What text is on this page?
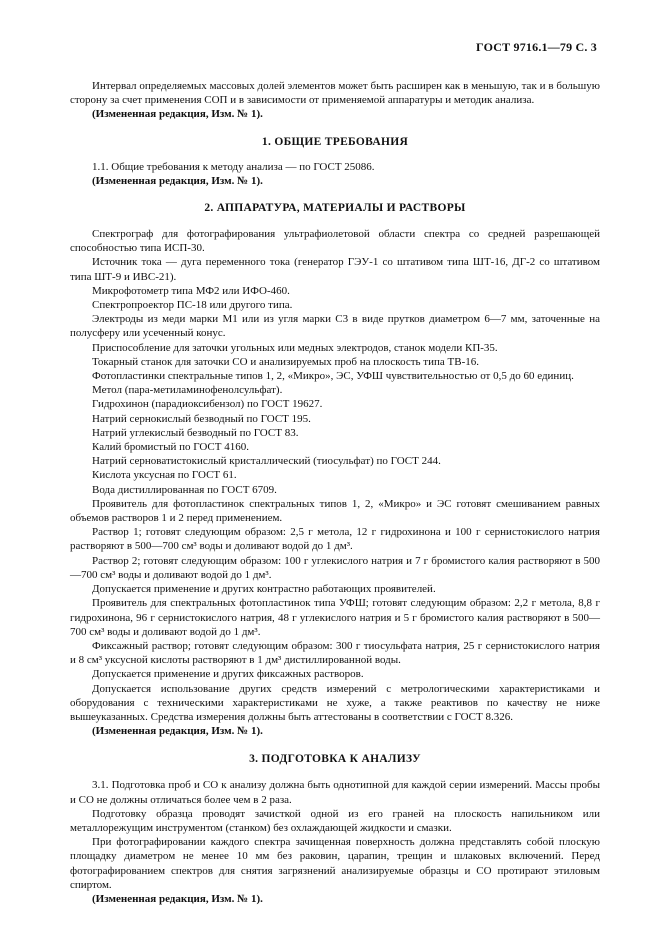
ГОСТ 9716.1—79 С. 3

Интервал определяемых массовых долей элементов может быть расширен как в меньшую, так и в большую сторону за счет применения СОП и в зависимости от применяемой аппаратуры и методик анализа.

(Измененная редакция, Изм. № 1).

1. ОБЩИЕ ТРЕБОВАНИЯ

1.1. Общие требования к методу анализа — по ГОСТ 25086.

(Измененная редакция, Изм. № 1).

2. АППАРАТУРА, МАТЕРИАЛЫ И РАСТВОРЫ

Спектрограф для фотографирования ультрафиолетовой области спектра со средней разрешающей способностью типа ИСП-30.

Источник тока — дуга переменного тока (генератор ГЭУ-1 со штативом типа ШТ-16, ДГ-2 со штативом типа ШТ-9 и ИВС-21).

Микрофотометр типа МФ2 или ИФО-460.

Спектропроектор ПС-18 или другого типа.

Электроды из меди марки М1 или из угля марки С3 в виде прутков диаметром 6—7 мм, заточенные на полусферу или усеченный конус.

Приспособление для заточки угольных или медных электродов, станок модели КП-35.

Токарный станок для заточки СО и анализируемых проб на плоскость типа ТВ-16.

Фотопластинки спектральные типов 1, 2, «Микро», ЭС, УФШ чувствительностью от 0,5 до 60 единиц.

Метол (пара-метиламинофенолсульфат).

Гидрохинон (парадиоксибензол) по ГОСТ 19627.

Натрий сернокислый безводный по ГОСТ 195.

Натрий углекислый безводный по ГОСТ 83.

Калий бромистый по ГОСТ 4160.

Натрий серноватистокислый кристаллический (тиосульфат) по ГОСТ 244.

Кислота уксусная по ГОСТ 61.

Вода дистиллированная по ГОСТ 6709.

Проявитель для фотопластинок спектральных типов 1, 2, «Микро» и ЭС готовят смешиванием равных объемов растворов 1 и 2 перед применением.

Раствор 1; готовят следующим образом: 2,5 г метола, 12 г гидрохинона и 100 г сернистокислого натрия растворяют в 500—700 см³ воды и доливают водой до 1 дм³.

Раствор 2; готовят следующим образом: 100 г углекислого натрия и 7 г бромистого калия растворяют в 500—700 см³ воды и доливают водой до 1 дм³.

Допускается применение и других контрастно работающих проявителей.

Проявитель для спектральных фотопластинок типа УФШ; готовят следующим образом: 2,2 г метола, 8,8 г гидрохинона, 96 г сернистокислого натрия, 48 г углекислого натрия и 5 г бромистого калия растворяют в 500—700 см³ воды и доливают водой до 1 дм³.

Фиксажный раствор; готовят следующим образом: 300 г тиосульфата натрия, 25 г сернистокислого натрия и 8 см³ уксусной кислоты растворяют в 1 дм³ дистиллированной воды.

Допускается применение и других фиксажных растворов.

Допускается использование других средств измерений с метрологическими характеристиками и оборудования с техническими характеристиками не хуже, а также реактивов по качеству не ниже вышеуказанных. Средства измерения должны быть аттестованы в соответствии с ГОСТ 8.326.

(Измененная редакция, Изм. № 1).

3. ПОДГОТОВКА К АНАЛИЗУ

3.1. Подготовка проб и СО к анализу должна быть однотипной для каждой серии измерений. Массы пробы и СО не должны отличаться более чем в 2 раза.

Подготовку образца проводят зачисткой одной из его граней на плоскость напильником или металлорежущим инструментом (станком) без охлаждающей жидкости и смазки.

При фотографировании каждого спектра зачищенная поверхность должна представлять собой плоскую площадку диаметром не менее 10 мм без раковин, царапин, трещин и шлаковых включений. Перед фотографированием спектров для снятия загрязнений анализируемые образцы и СО протирают этиловым спиртом.

(Измененная редакция, Изм. № 1).
